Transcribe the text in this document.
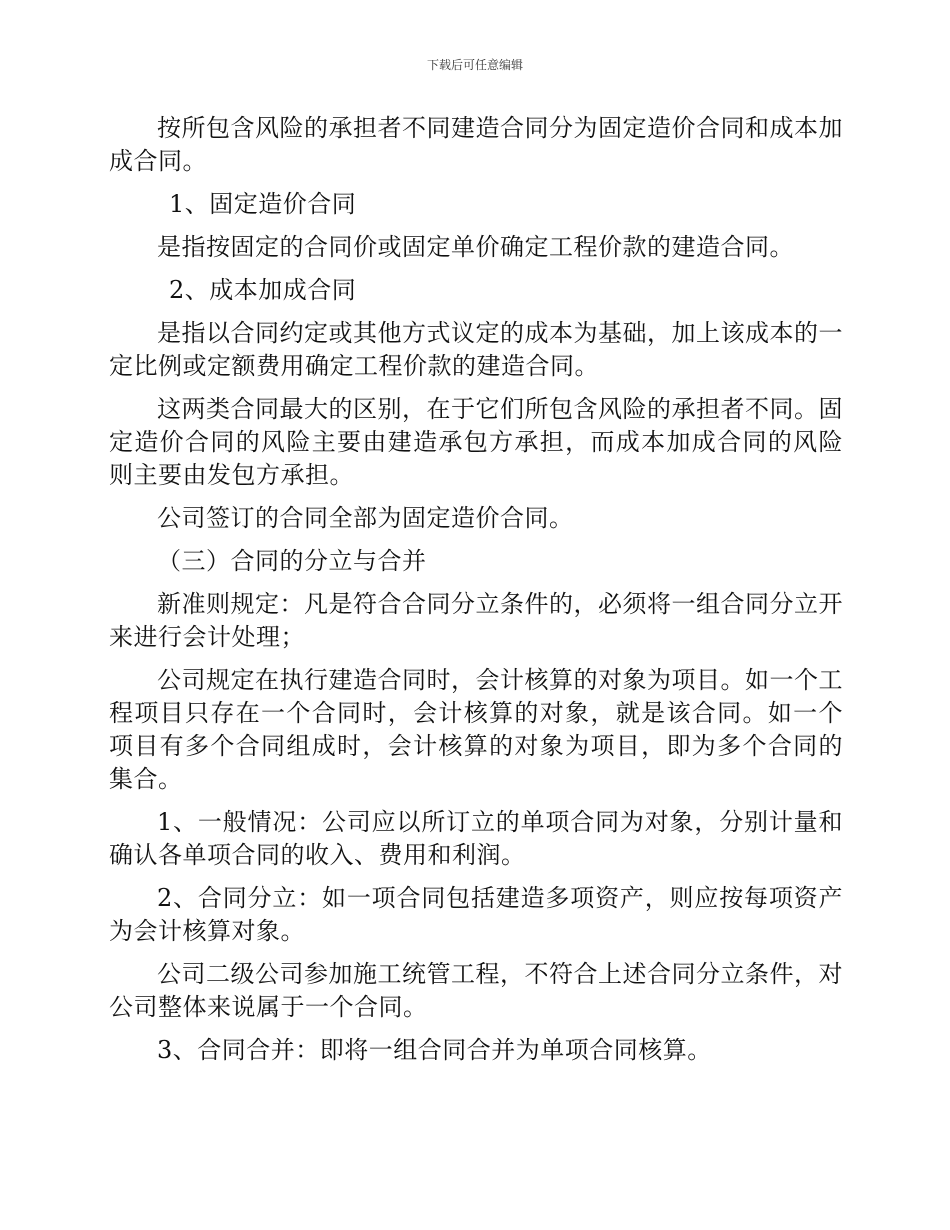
下载后可任意编辑

按所包含风险的承担者不同建造合同分为固定造价合同和成本加成合同。

1、固定造价合同

是指按固定的合同价或固定单价确定工程价款的建造合同。

2、成本加成合同

是指以合同约定或其他方式议定的成本为基础，加上该成本的一定比例或定额费用确定工程价款的建造合同。

这两类合同最大的区别，在于它们所包含风险的承担者不同。固定造价合同的风险主要由建造承包方承担，而成本加成合同的风险则主要由发包方承担。

公司签订的合同全部为固定造价合同。

（三）合同的分立与合并

新准则规定：凡是符合合同分立条件的，必须将一组合同分立开来进行会计处理；

公司规定在执行建造合同时，会计核算的对象为项目。如一个工程项目只存在一个合同时，会计核算的对象，就是该合同。如一个项目有多个合同组成时，会计核算的对象为项目，即为多个合同的集合。

1、一般情况：公司应以所订立的单项合同为对象，分别计量和确认各单项合同的收入、费用和利润。

2、合同分立：如一项合同包括建造多项资产，则应按每项资产为会计核算对象。

公司二级公司参加施工统管工程，不符合上述合同分立条件，对公司整体来说属于一个合同。

3、合同合并：即将一组合同合并为单项合同核算。
